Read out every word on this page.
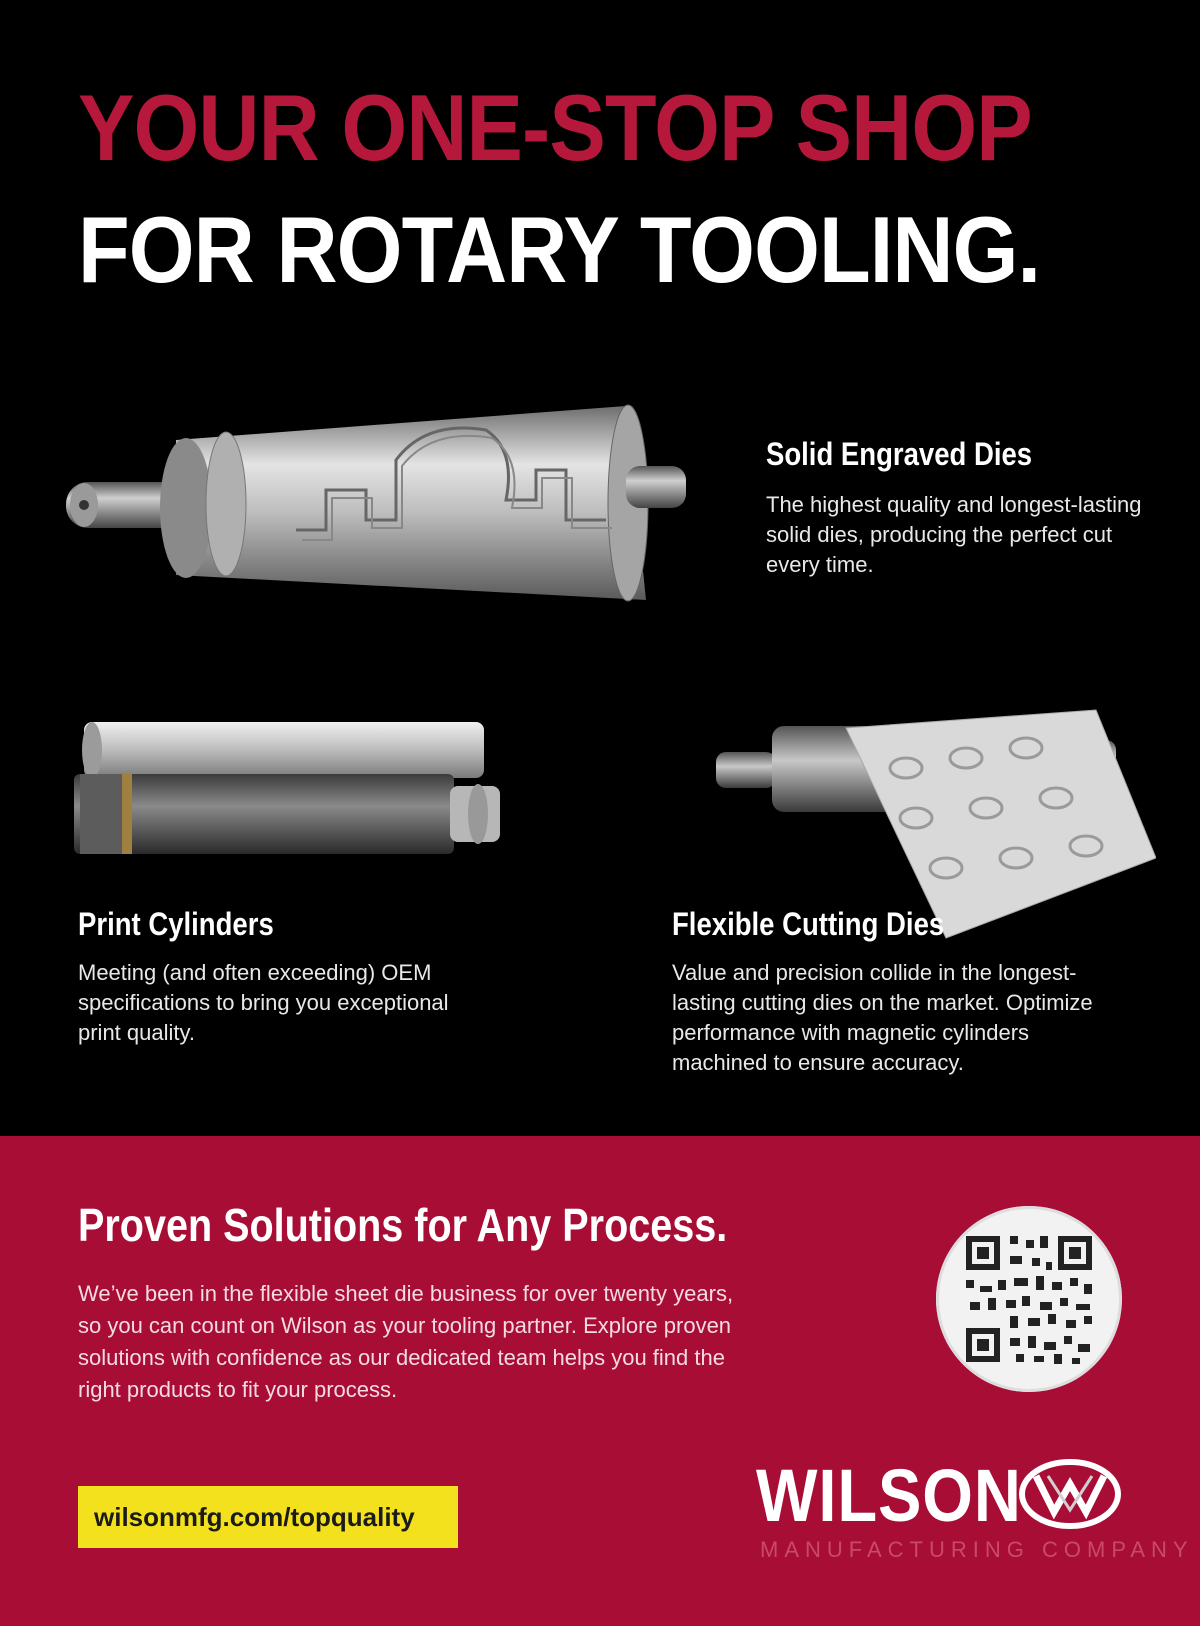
YOUR ONE-STOP SHOP
FOR ROTARY TOOLING.
Solid Engraved Dies

The highest quality and longest-lasting solid dies, producing the perfect cut every time.

Print Cylinders

Meeting (and often exceeding) OEM specifications to bring you exceptional print quality.

Flexible Cutting Dies

Value and precision collide in the longest-lasting cutting dies on the market. Optimize performance with magnetic cylinders machined to ensure accuracy.

Proven Solutions for Any Process.

We’ve been in the flexible sheet die business for over twenty years, so you can count on Wilson as your tooling partner. Explore proven solutions with confidence as our dedicated team helps you find the right products to fit your process.

wilsonmfg.com/topquality	WILSON
MANUFACTURING COMPANY
